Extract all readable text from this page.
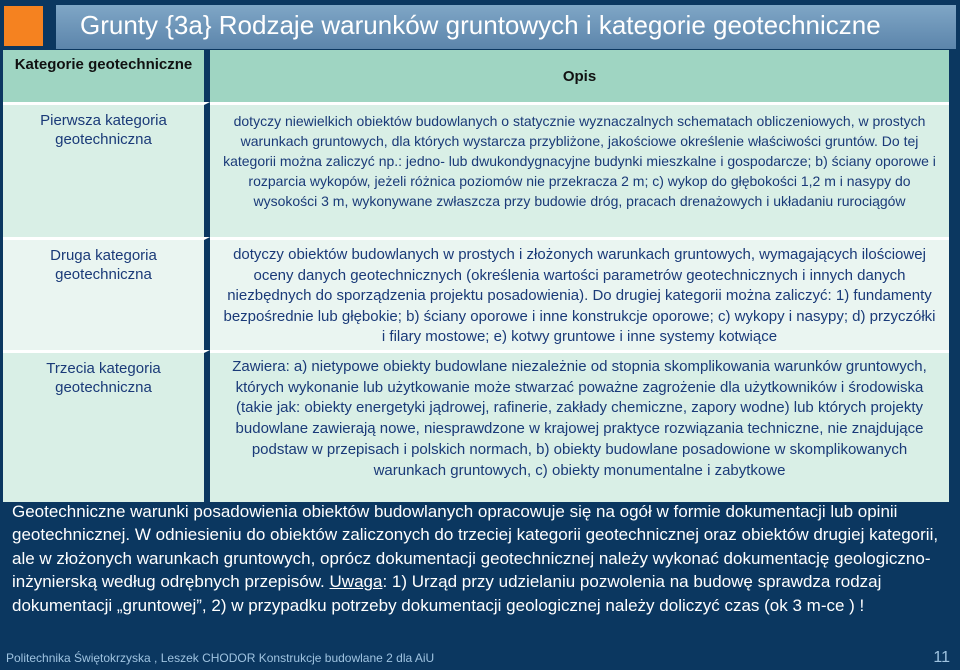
Grunty {3a} Rodzaje warunków gruntowych i kategorie geotechniczne
Kategorie geotechniczne	Opis
Pierwsza kategoria geotechniczna	dotyczy niewielkich obiektów budowlanych o statycznie wyznaczalnych schematach obliczeniowych, w prostych warunkach gruntowych, dla których wystarcza przybliżone, jakościowe określenie właściwości gruntów. Do tej kategorii można zaliczyć np.: jedno- lub dwukondygnacyjne budynki mieszkalne i gospodarcze; b) ściany oporowe i rozparcia wykopów, jeżeli różnica poziomów nie przekracza 2 m; c) wykop do głębokości 1,2 m i nasypy do wysokości 3 m, wykonywane zwłaszcza przy budowie dróg, pracach drenażowych i układaniu rurociągów

Druga kategoria geotechniczna	dotyczy obiektów budowlanych w prostych i złożonych warunkach gruntowych, wymagających ilościowej oceny danych geotechnicznych (określenia wartości parametrów geotechnicznych i innych danych niezbędnych do sporządzenia projektu posadowienia). Do drugiej kategorii można zaliczyć: 1) fundamenty bezpośrednie lub głębokie; b) ściany oporowe i inne konstrukcje oporowe; c) wykopy i nasypy; d) przyczółki i filary mostowe; e) kotwy gruntowe i inne systemy kotwiące

Trzecia kategoria geotechniczna	Zawiera: a) nietypowe obiekty budowlane niezależnie od stopnia skomplikowania warunków gruntowych, których wykonanie lub użytkowanie może stwarzać poważne zagrożenie dla użytkowników i środowiska (takie jak: obiekty energetyki jądrowej, rafinerie, zakłady chemiczne, zapory wodne) lub których projekty budowlane zawierają nowe, niesprawdzone w krajowej praktyce rozwiązania techniczne, nie znajdujące podstaw w przepisach i polskich normach, b) obiekty budowlane posadowione w skomplikowanych warunkach gruntowych, c) obiekty monumentalne i zabytkowe

Geotechniczne warunki posadowienia obiektów budowlanych opracowuje się na ogół w formie dokumentacji lub opinii geotechnicznej. W odniesieniu do obiektów zaliczonych do trzeciej kategorii geotechnicznej oraz obiektów drugiej kategorii, ale w złożonych warunkach gruntowych, oprócz dokumentacji geotechnicznej należy wykonać dokumentację geologiczno-inżynierską według odrębnych przepisów. Uwaga: 1) Urząd przy udzielaniu pozwolenia na budowę sprawdza rodzaj dokumentacji „gruntowej”, 2) w przypadku potrzeby dokumentacji geologicznej należy doliczyć czas (ok 3 m-ce ) !
Politechnika Świętokrzyska , Leszek CHODOR Konstrukcje budowlane 2 dla AiU	11
